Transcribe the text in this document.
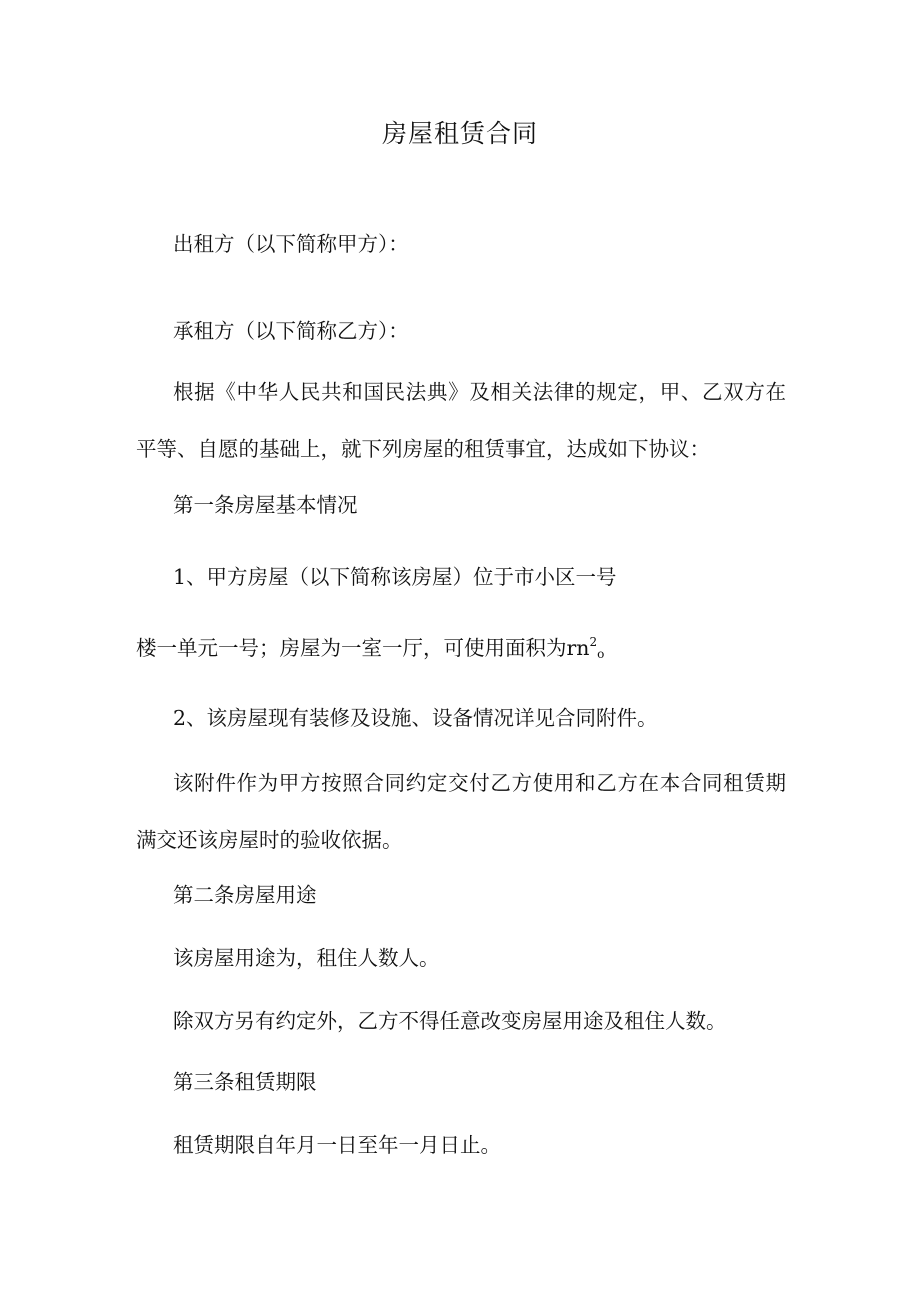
房屋租赁合同
出租方（以下简称甲方）：
承租方（以下简称乙方）：
根据《中华人民共和国民法典》及相关法律的规定，甲、乙双方在平等、自愿的基础上，就下列房屋的租赁事宜，达成如下协议：
第一条房屋基本情况
1、甲方房屋（以下简称该房屋）位于市小区一号
楼一单元一号；房屋为一室一厅，可使用面积为$rn^2_o$
2、该房屋现有装修及设施、设备情况详见合同附件。
该附件作为甲方按照合同约定交付乙方使用和乙方在本合同租赁期满交还该房屋时的验收依据。
第二条房屋用途
该房屋用途为，租住人数人。
除双方另有约定外，乙方不得任意改变房屋用途及租住人数。
第三条租赁期限
租赁期限自年月一日至年一月日止。
